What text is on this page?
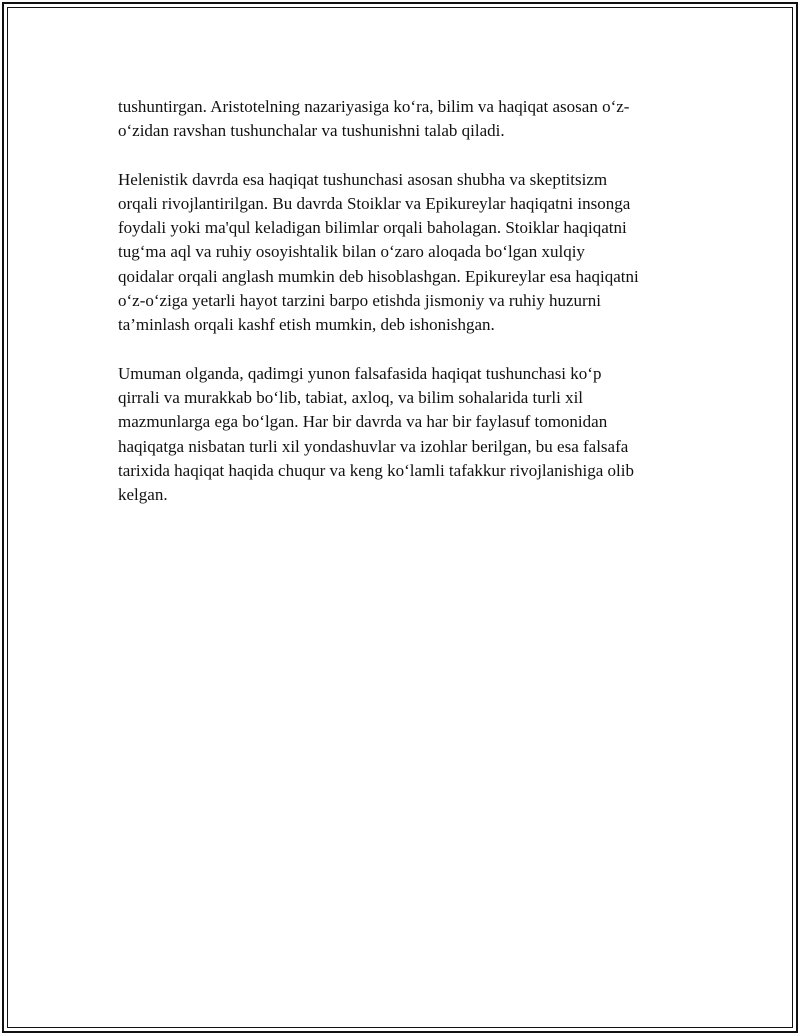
tushuntirgan. Aristotelning nazariyasiga ko‘ra, bilim va haqiqat asosan o‘z-
o‘zidan ravshan tushunchalar va tushunishni talab qiladi.

Helenistik davrda esa haqiqat tushunchasi asosan shubha va skeptitsizm
orqali rivojlantirilgan. Bu davrda Stoiklar va Epikureylar haqiqatni insonga
foydali yoki ma'qul keladigan bilimlar orqali baholagan. Stoiklar haqiqatni
tug‘ma aql va ruhiy osoyishtalik bilan o‘zaro aloqada bo‘lgan xulqiy
qoidalar orqali anglash mumkin deb hisoblashgan. Epikureylar esa haqiqatni
o‘z-o‘ziga yetarli hayot tarzini barpo etishda jismoniy va ruhiy huzurni
ta’minlash orqali kashf etish mumkin, deb ishonishgan.

Umuman olganda, qadimgi yunon falsafasida haqiqat tushunchasi ko‘p
qirrali va murakkab bo‘lib, tabiat, axloq, va bilim sohalarida turli xil
mazmunlarga ega bo‘lgan. Har bir davrda va har bir faylasuf tomonidan
haqiqatga nisbatan turli xil yondashuvlar va izohlar berilgan, bu esa falsafa
tarixida haqiqat haqida chuqur va keng ko‘lamli tafakkur rivojlanishiga olib
kelgan.
